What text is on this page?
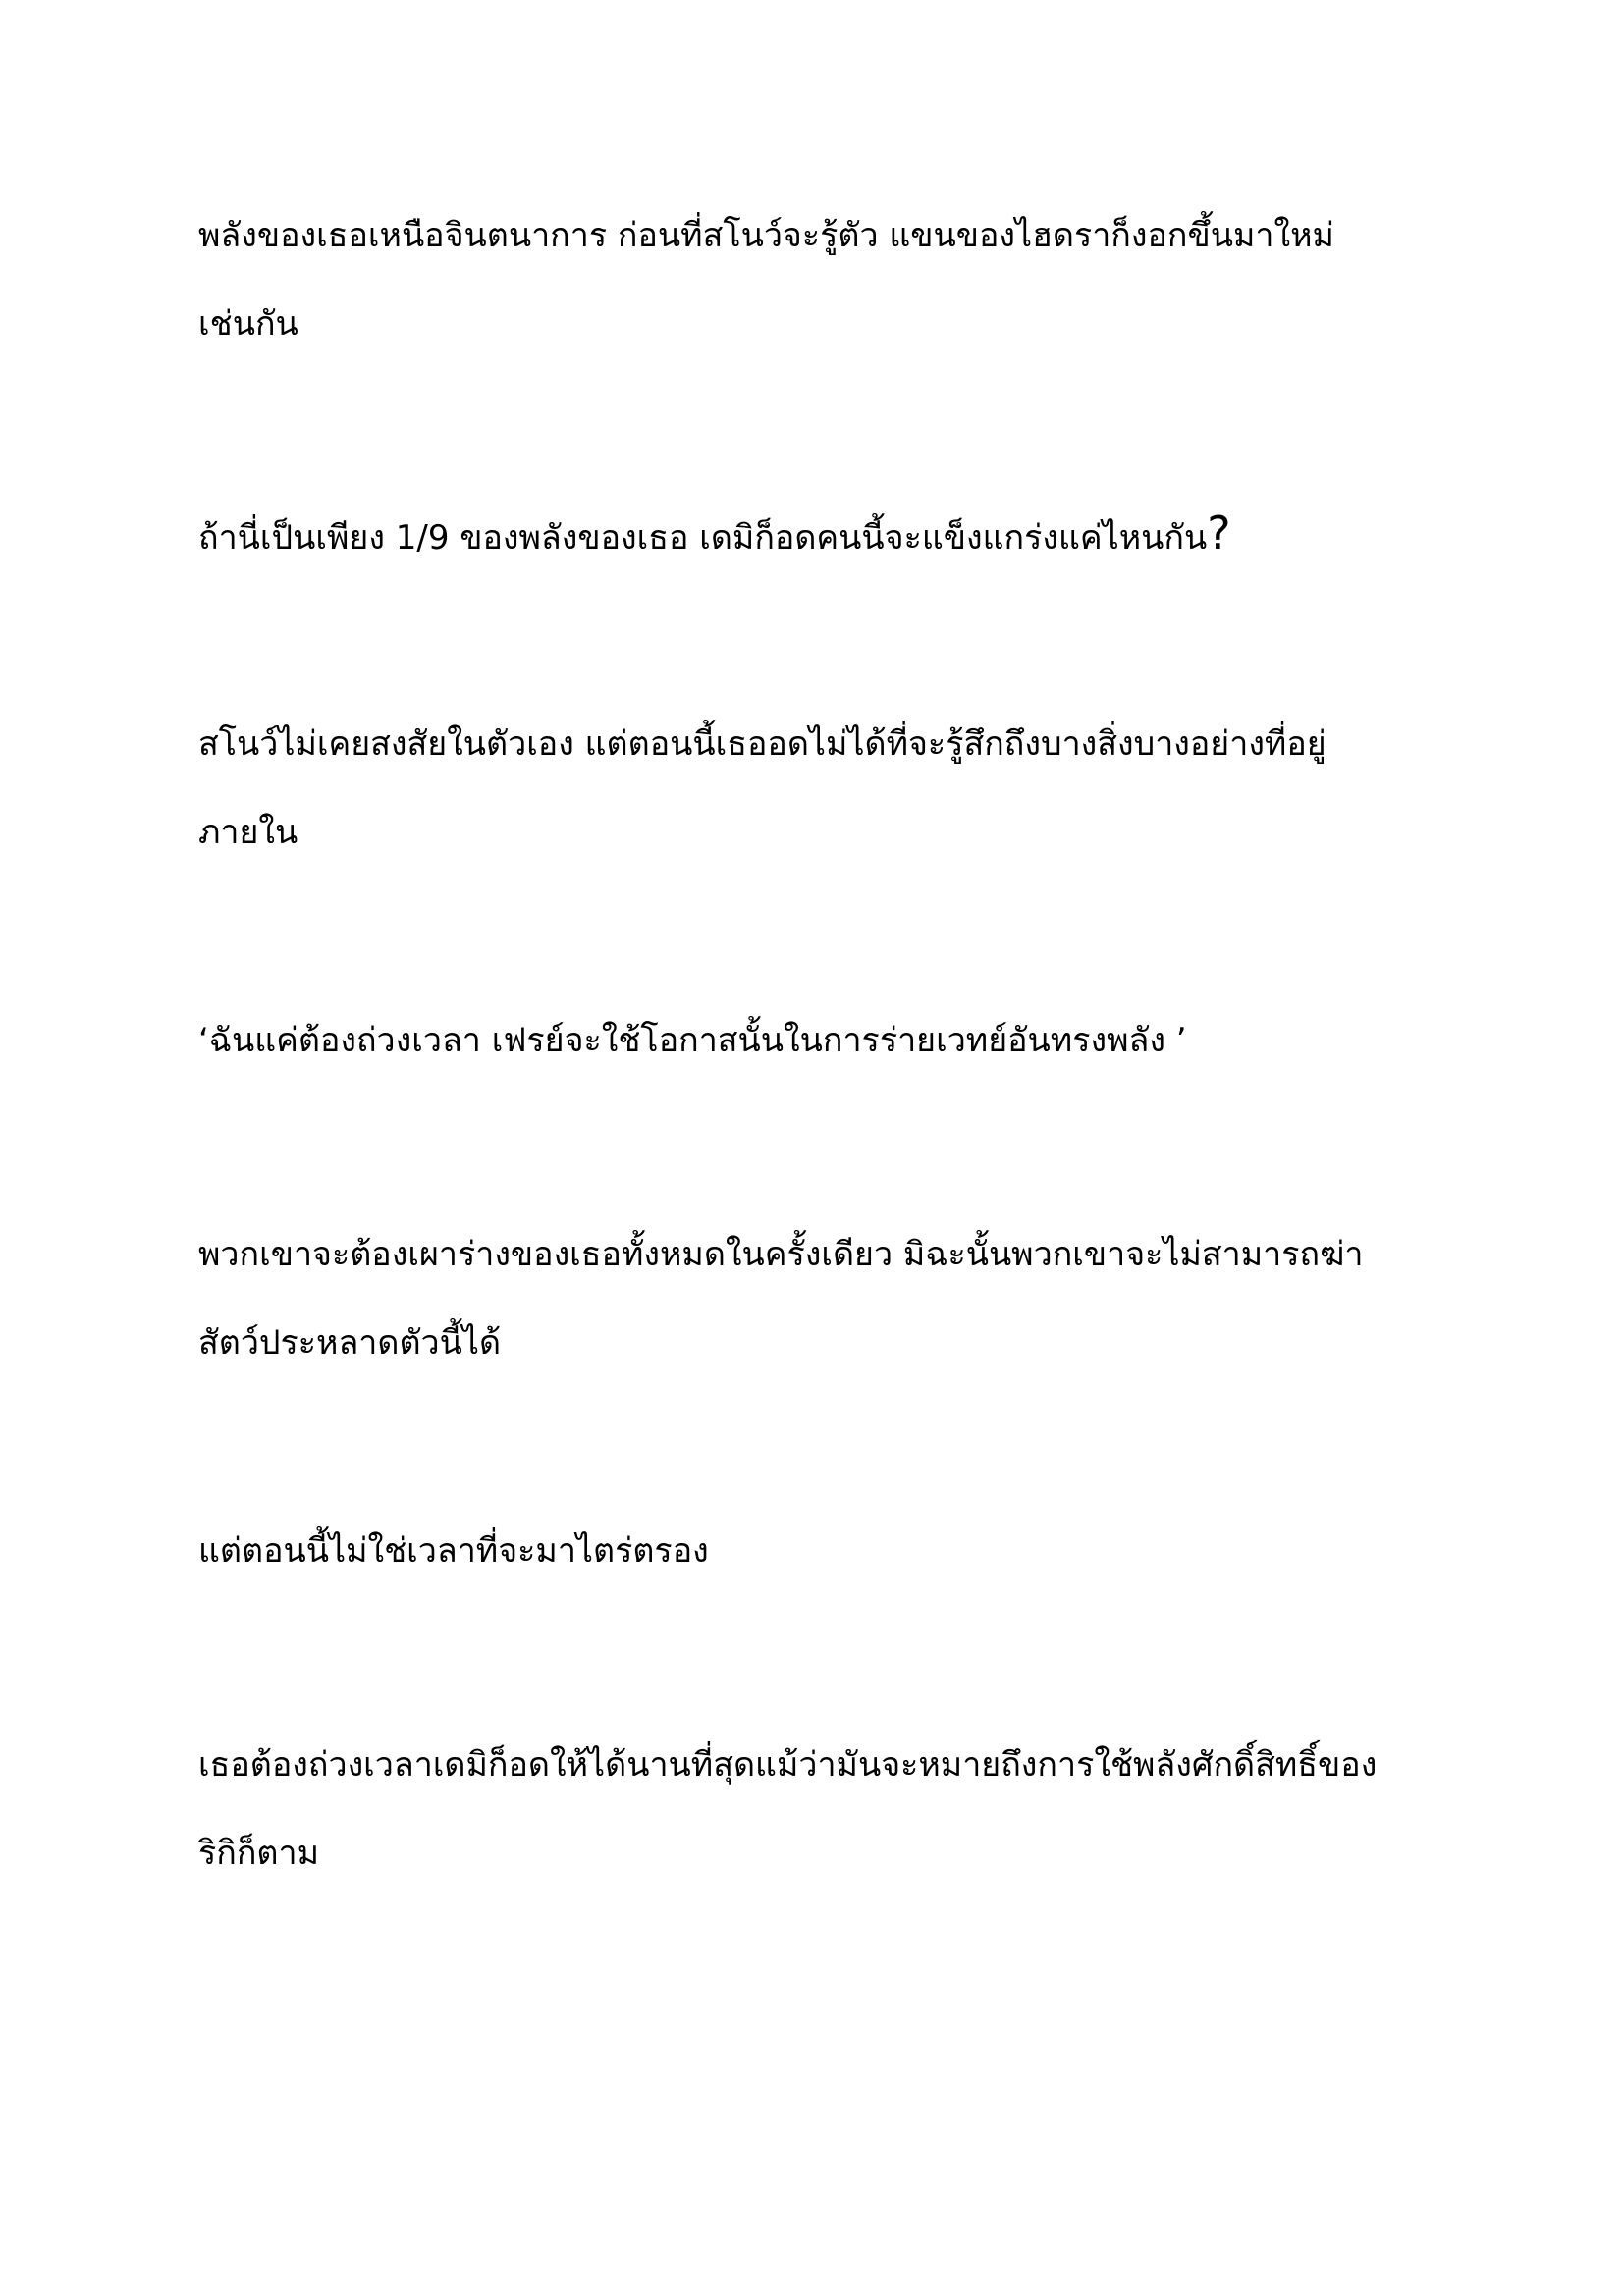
พลังของเธอเหนือจินตนาการ ก่อนที่สโนว์จะรู้ตัว แขนของไฮดราก็งอกขึ้นมาใหม่
เช่นกัน
ถ้านี่เป็นเพียง 1/9 ของพลังของเธอ เดมิก็อดคนนี้จะแข็งแกร่งแค่ไหนกัน?
สโนว์ไม่เคยสงสัยในตัวเอง แต่ตอนนี้เธออดไม่ได้ที่จะรู้สึกถึงบางสิ่งบางอย่างที่อยู่
ภายใน
‘ฉันแค่ต้องถ่วงเวลา เฟรย์จะใช้โอกาสนั้นในการร่ายเวทย์อันทรงพลัง ’
พวกเขาจะต้องเผาร่างของเธอทั้งหมดในครั้งเดียว มิฉะนั้นพวกเขาจะไม่สามารถฆ่า
สัตว์ประหลาดตัวนี้ได้
แต่ตอนนี้ไม่ใช่เวลาที่จะมาไตร่ตรอง
เธอต้องถ่วงเวลาเดมิก็อดให้ได้นานที่สุดแม้ว่ามันจะหมายถึงการใช้พลังศักดิ์สิทธิ์ของ
ริกิก็ตาม
